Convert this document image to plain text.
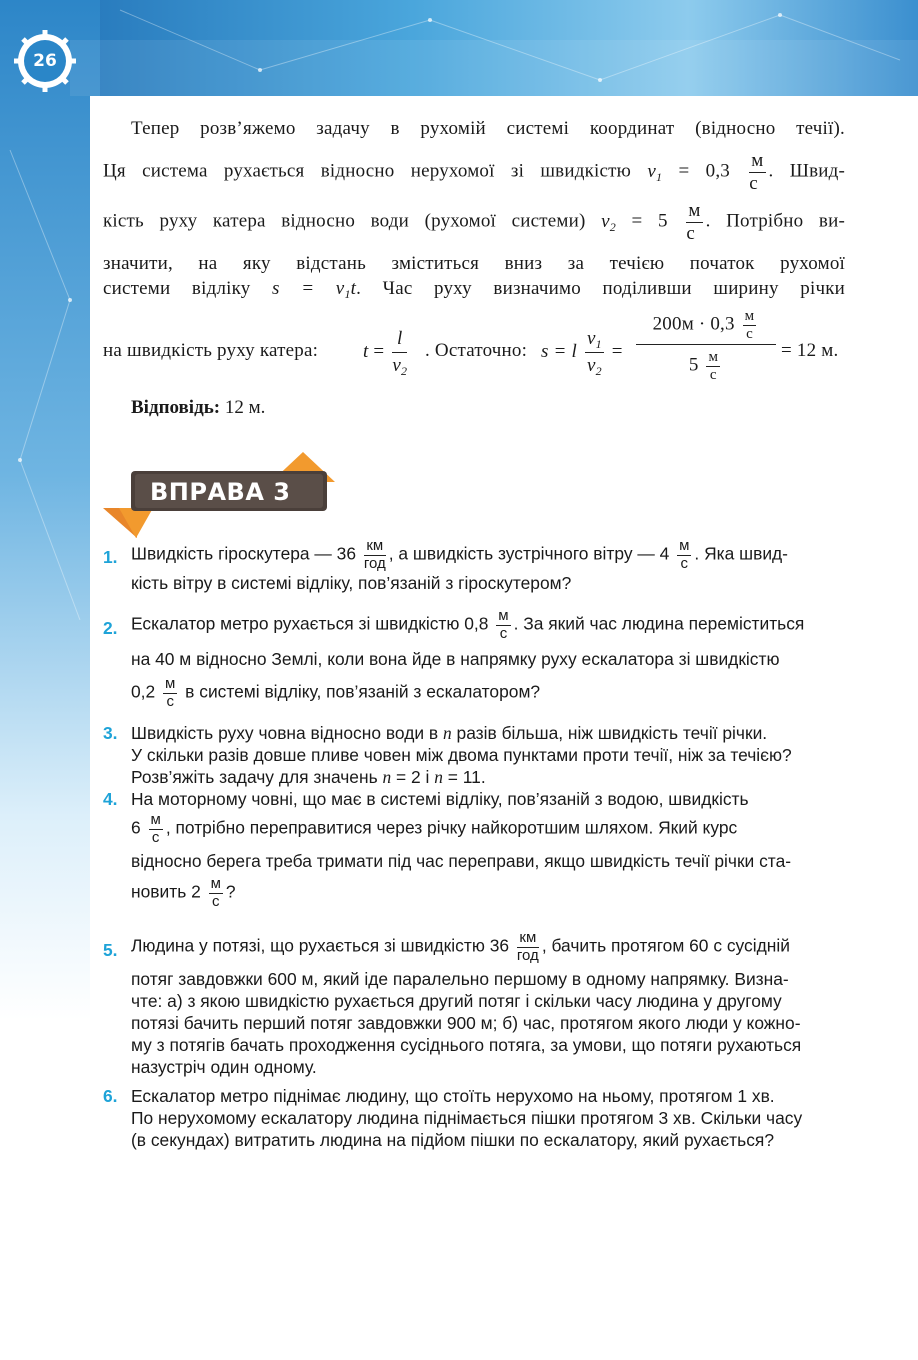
26
Тепер розв’яжемо задачу в рухомій системі координат (відносно течії).
Ця система рухається відносно нерухомої зі швидкістю $v_1 = 0,3 \frac{м}{с}$ . Швид-
кість руху катера відносно води (рухомої системи) $v_2 = 5 \frac{м}{с}$ . Потрібно ви-
значити, на яку відстань зміститься вниз за течією початок рухомої
системи відліку $s = v_1t$. Час руху визначимо поділивши ширину річки
на швидкість руху катера: $t = \frac{l}{v_2}$ . Остаточно: s = l $\frac{v_1}{v_2}$ =
$200м \cdot 0,3 \frac{м}{с}$
$5 \frac{м}{с}$	= 12 м.
Відповідь: 12 м.
ВПРАВА 3
1. Швидкість гіроскутера — $36 \frac{км}{\text{год}}$ , а швидкість зустрічного вітру — $4 \frac{м}{с}$ . Яка швид-
кість вітру в системі відліку, пов’язаній з гіроскутером?
2. Ескалатор метро рухається зі швидкістю $0,8 \frac{м}{с}$ . За який час людина переміститься
на 40 м відносно Землі, коли вона йде в напрямку руху ескалатора зі швидкістю
$0,2 \frac{м}{с}$ в системі відліку, пов’язаній з ескалатором?
3. Швидкість руху човна відносно води в n разів більша, ніж швидкість течії річки.
У скільки разів довше пливе човен між двома пунктами проти течії, ніж за течією?
Розв’яжіть задачу для значень n = 2 і n = 11.
4. На моторному човні, що має в системі відліку, пов’язаній з водою, швидкість
$6 \frac{м}{с}$ , потрібно переправитися через річку найкоротшим шляхом. Який курс
відносно берега треба тримати під час переправи, якщо швидкість течії річки ста-
новить $2 \frac{м}{с}$ ?
5. Людина у потязі, що рухається зі швидкістю $36 \frac{км}{\text{год}}$ , бачить протягом 60 с сусідній
потяг завдовжки 600 м, який іде паралельно першому в одному напрямку. Визна-
чте: а) з якою швидкістю рухається другий потяг і скільки часу людина у другому
потязі бачить перший потяг завдовжки 900 м; б) час, протягом якого люди у кожно-
му з потягів бачать проходження сусіднього потяга, за умови, що потяги рухаються
назустріч один одному.
6. Ескалатор метро піднімає людину, що стоїть нерухомо на ньому, протягом 1 хв.
По нерухомому ескалатору людина піднімається пішки протягом 3 хв. Скільки часу
(в секундах) витратить людина на підйом пішки по ескалатору, який рухається?
